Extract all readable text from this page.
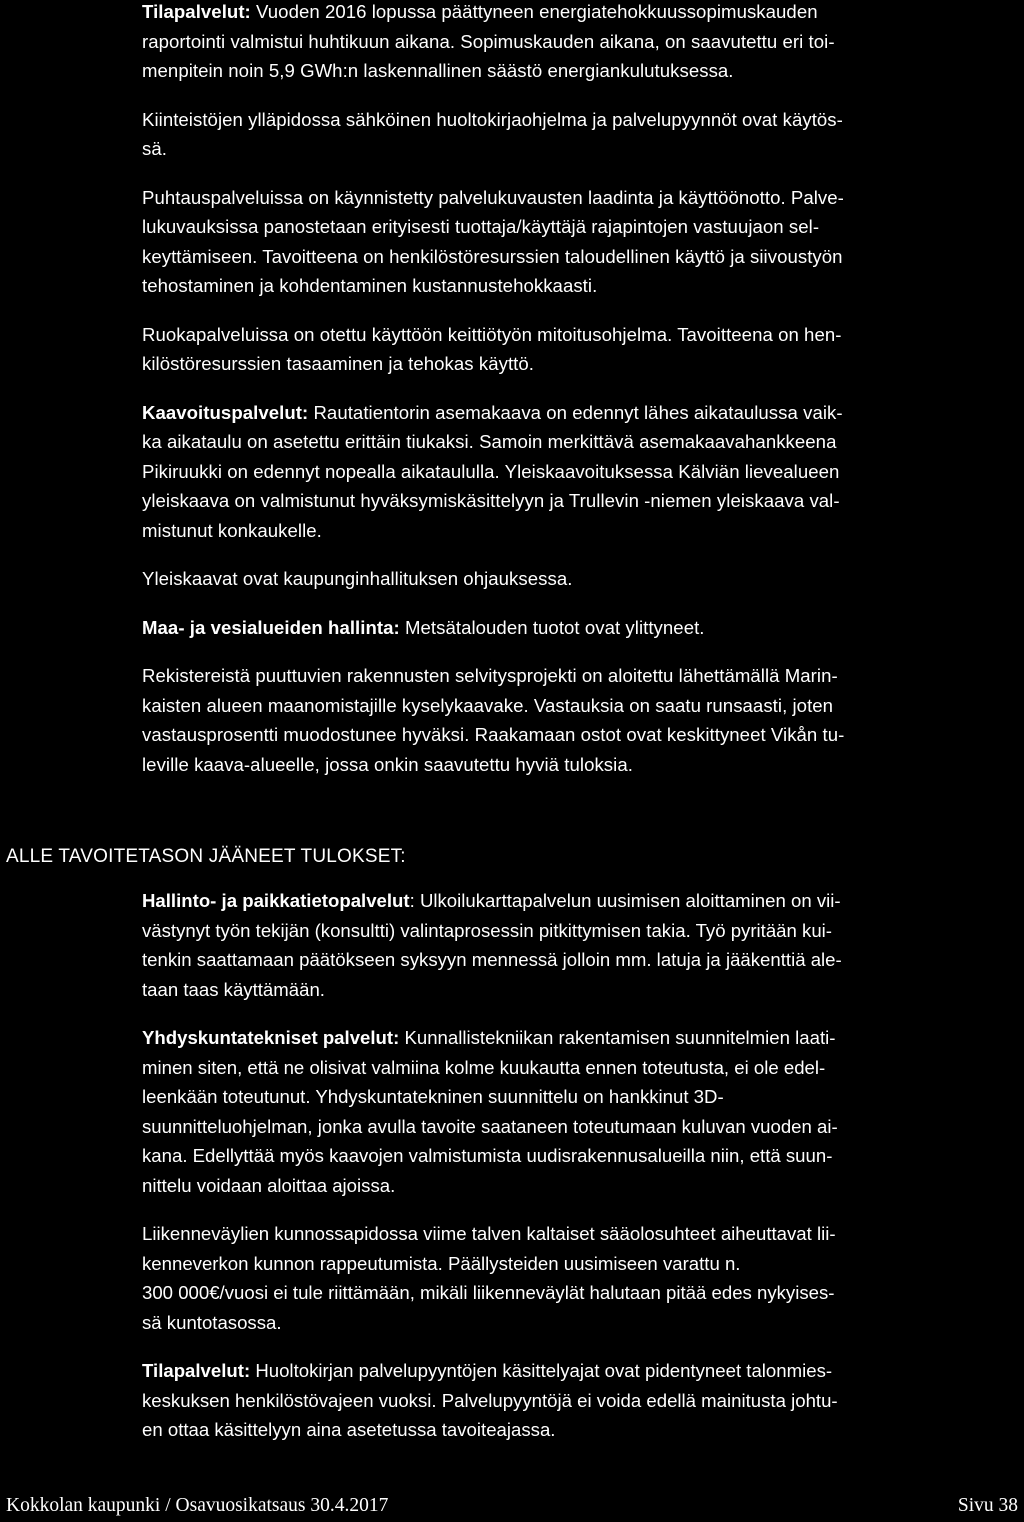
Tilapalvelut: Vuoden 2016 lopussa päättyneen energiatehokkuussopimuskauden
raportointi valmistui huhtikuun aikana. Sopimuskauden aikana, on saavutettu eri toi-
menpitein noin 5,9 GWh:n laskennallinen säästö energiankulutuksessa.

Kiinteistöjen ylläpidossa sähköinen huoltokirjaohjelma ja palvelupyynnöt ovat käytös-
sä.

Puhtauspalveluissa on käynnistetty palvelukuvausten laadinta ja käyttöönotto. Palve-
lukuvauksissa panostetaan erityisesti tuottaja/käyttäjä rajapintojen vastuujaon sel-
keyttämiseen. Tavoitteena on henkilöstöresurssien taloudellinen käyttö ja siivoustyön
tehostaminen ja kohdentaminen kustannustehokkaasti.

Ruokapalveluissa on otettu käyttöön keittiötyön mitoitusohjelma. Tavoitteena on hen-
kilöstöresurssien tasaaminen ja tehokas käyttö.

Kaavoituspalvelut: Rautatientorin asemakaava on edennyt lähes aikataulussa vaik-
ka aikataulu on asetettu erittäin tiukaksi. Samoin merkittävä asemakaavahankkeena
Pikiruukki on edennyt nopealla aikataululla. Yleiskaavoituksessa Kälviän lievealueen
yleiskaava on valmistunut hyväksymiskäsittelyyn ja Trullevin -niemen yleiskaava val-
mistunut konkaukelle.

Yleiskaavat ovat kaupunginhallituksen ohjauksessa.

Maa- ja vesialueiden hallinta: Metsätalouden tuotot ovat ylittyneet.

Rekistereistä puuttuvien rakennusten selvitysprojekti on aloitettu lähettämällä Marin-
kaisten alueen maanomistajille kyselykaavake. Vastauksia on saatu runsaasti, joten
vastausprosentti muodostunee hyväksi. Raakamaan ostot ovat keskittyneet Vikån tu-
leville kaava-alueelle, jossa onkin saavutettu hyviä tuloksia.

ALLE TAVOITETASON JÄÄNEET TULOKSET:

Hallinto- ja paikkatietopalvelut: Ulkoilukarttapalvelun uusimisen aloittaminen on vii-
västynyt työn tekijän (konsultti) valintaprosessin pitkittymisen takia. Työ pyritään kui-
tenkin saattamaan päätökseen syksyyn mennessä jolloin mm. latuja ja jääkenttiä ale-
taan taas käyttämään.

Yhdyskuntatekniset palvelut: Kunnallistekniikan rakentamisen suunnitelmien laati-
minen siten, että ne olisivat valmiina kolme kuukautta ennen toteutusta, ei ole edel-
leenkään toteutunut. Yhdyskuntatekninen suunnittelu on hankkinut 3D-
suunnitteluohjelman, jonka avulla tavoite saataneen toteutumaan kuluvan vuoden ai-
kana. Edellyttää myös kaavojen valmistumista uudisrakennusalueilla niin, että suun-
nittelu voidaan aloittaa ajoissa.

Liikenneväylien kunnossapidossa viime talven kaltaiset sääolosuhteet aiheuttavat lii-
kenneverkon kunnon rappeutumista. Päällysteiden uusimiseen varattu n.
300 000€/vuosi ei tule riittämään, mikäli liikenneväylät halutaan pitää edes nykyises-
sä kuntotasossa.

Tilapalvelut: Huoltokirjan palvelupyyntöjen käsittelyajat ovat pidentyneet talonmies-
keskuksen henkilöstövajeen vuoksi. Palvelupyyntöjä ei voida edellä mainitusta johtu-
en ottaa käsittelyyn aina asetetussa tavoiteajassa.

Kokkolan kaupunki / Osavuosikatsaus 30.4.2017	Sivu 38
